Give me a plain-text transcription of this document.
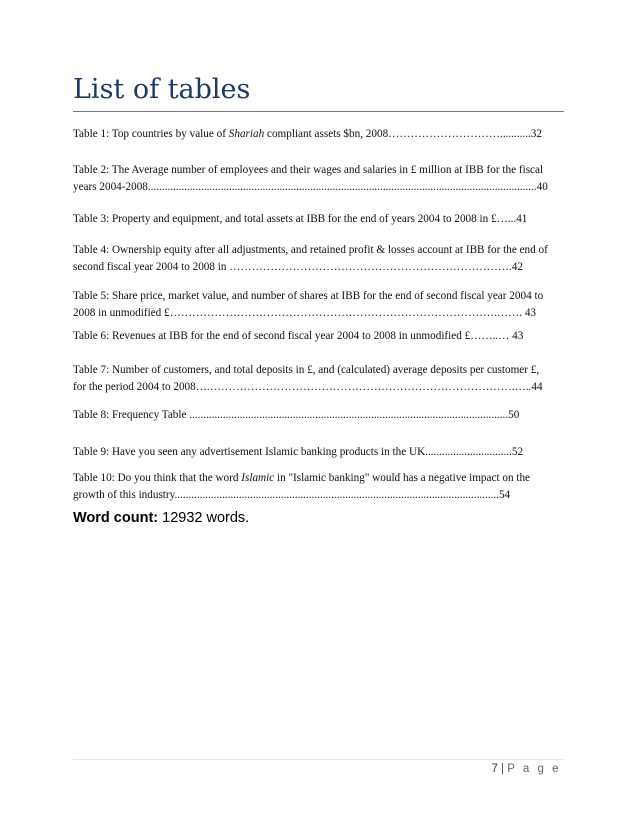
List of tables
Table 1: Top countries by value of Shariah compliant assets $bn, 2008…………………………...........32
Table 2: The Average number of employees and their wages and salaries in £ million at IBB for the fiscal
years 2004-2008...........................................................................................................................................40
Table 3: Property and equipment, and total assets at IBB for the end of years 2004 to 2008 in £…...41
Table 4: Ownership equity after all adjustments, and retained profit & losses account at IBB for the end of
second fiscal year 2004 to 2008 in ………………………………………………………………….42
Table 5: Share price, market value, and number of shares at IBB for the end of second fiscal year 2004 to
2008 in unmodified £…………………………………………………………………………….……. 43
Table 6: Revenues at IBB for the end of second fiscal year 2004 to 2008 in unmodified £……..… 43
Table 7: Number of customers, and total deposits in £, and (calculated) average deposits per customer £,
for the period 2004 to 2008….……………………………………………………………………….…..44
Table 8: Frequency Table ..................................................................................................................50
Table 9: Have you seen any advertisement Islamic banking products in the UK...............................52
Table 10: Do you think that the word Islamic in "Islamic banking" would has a negative impact on the
growth of this industry....................................................................................................................54
Word count: 12932 words.
7 | P a g e
